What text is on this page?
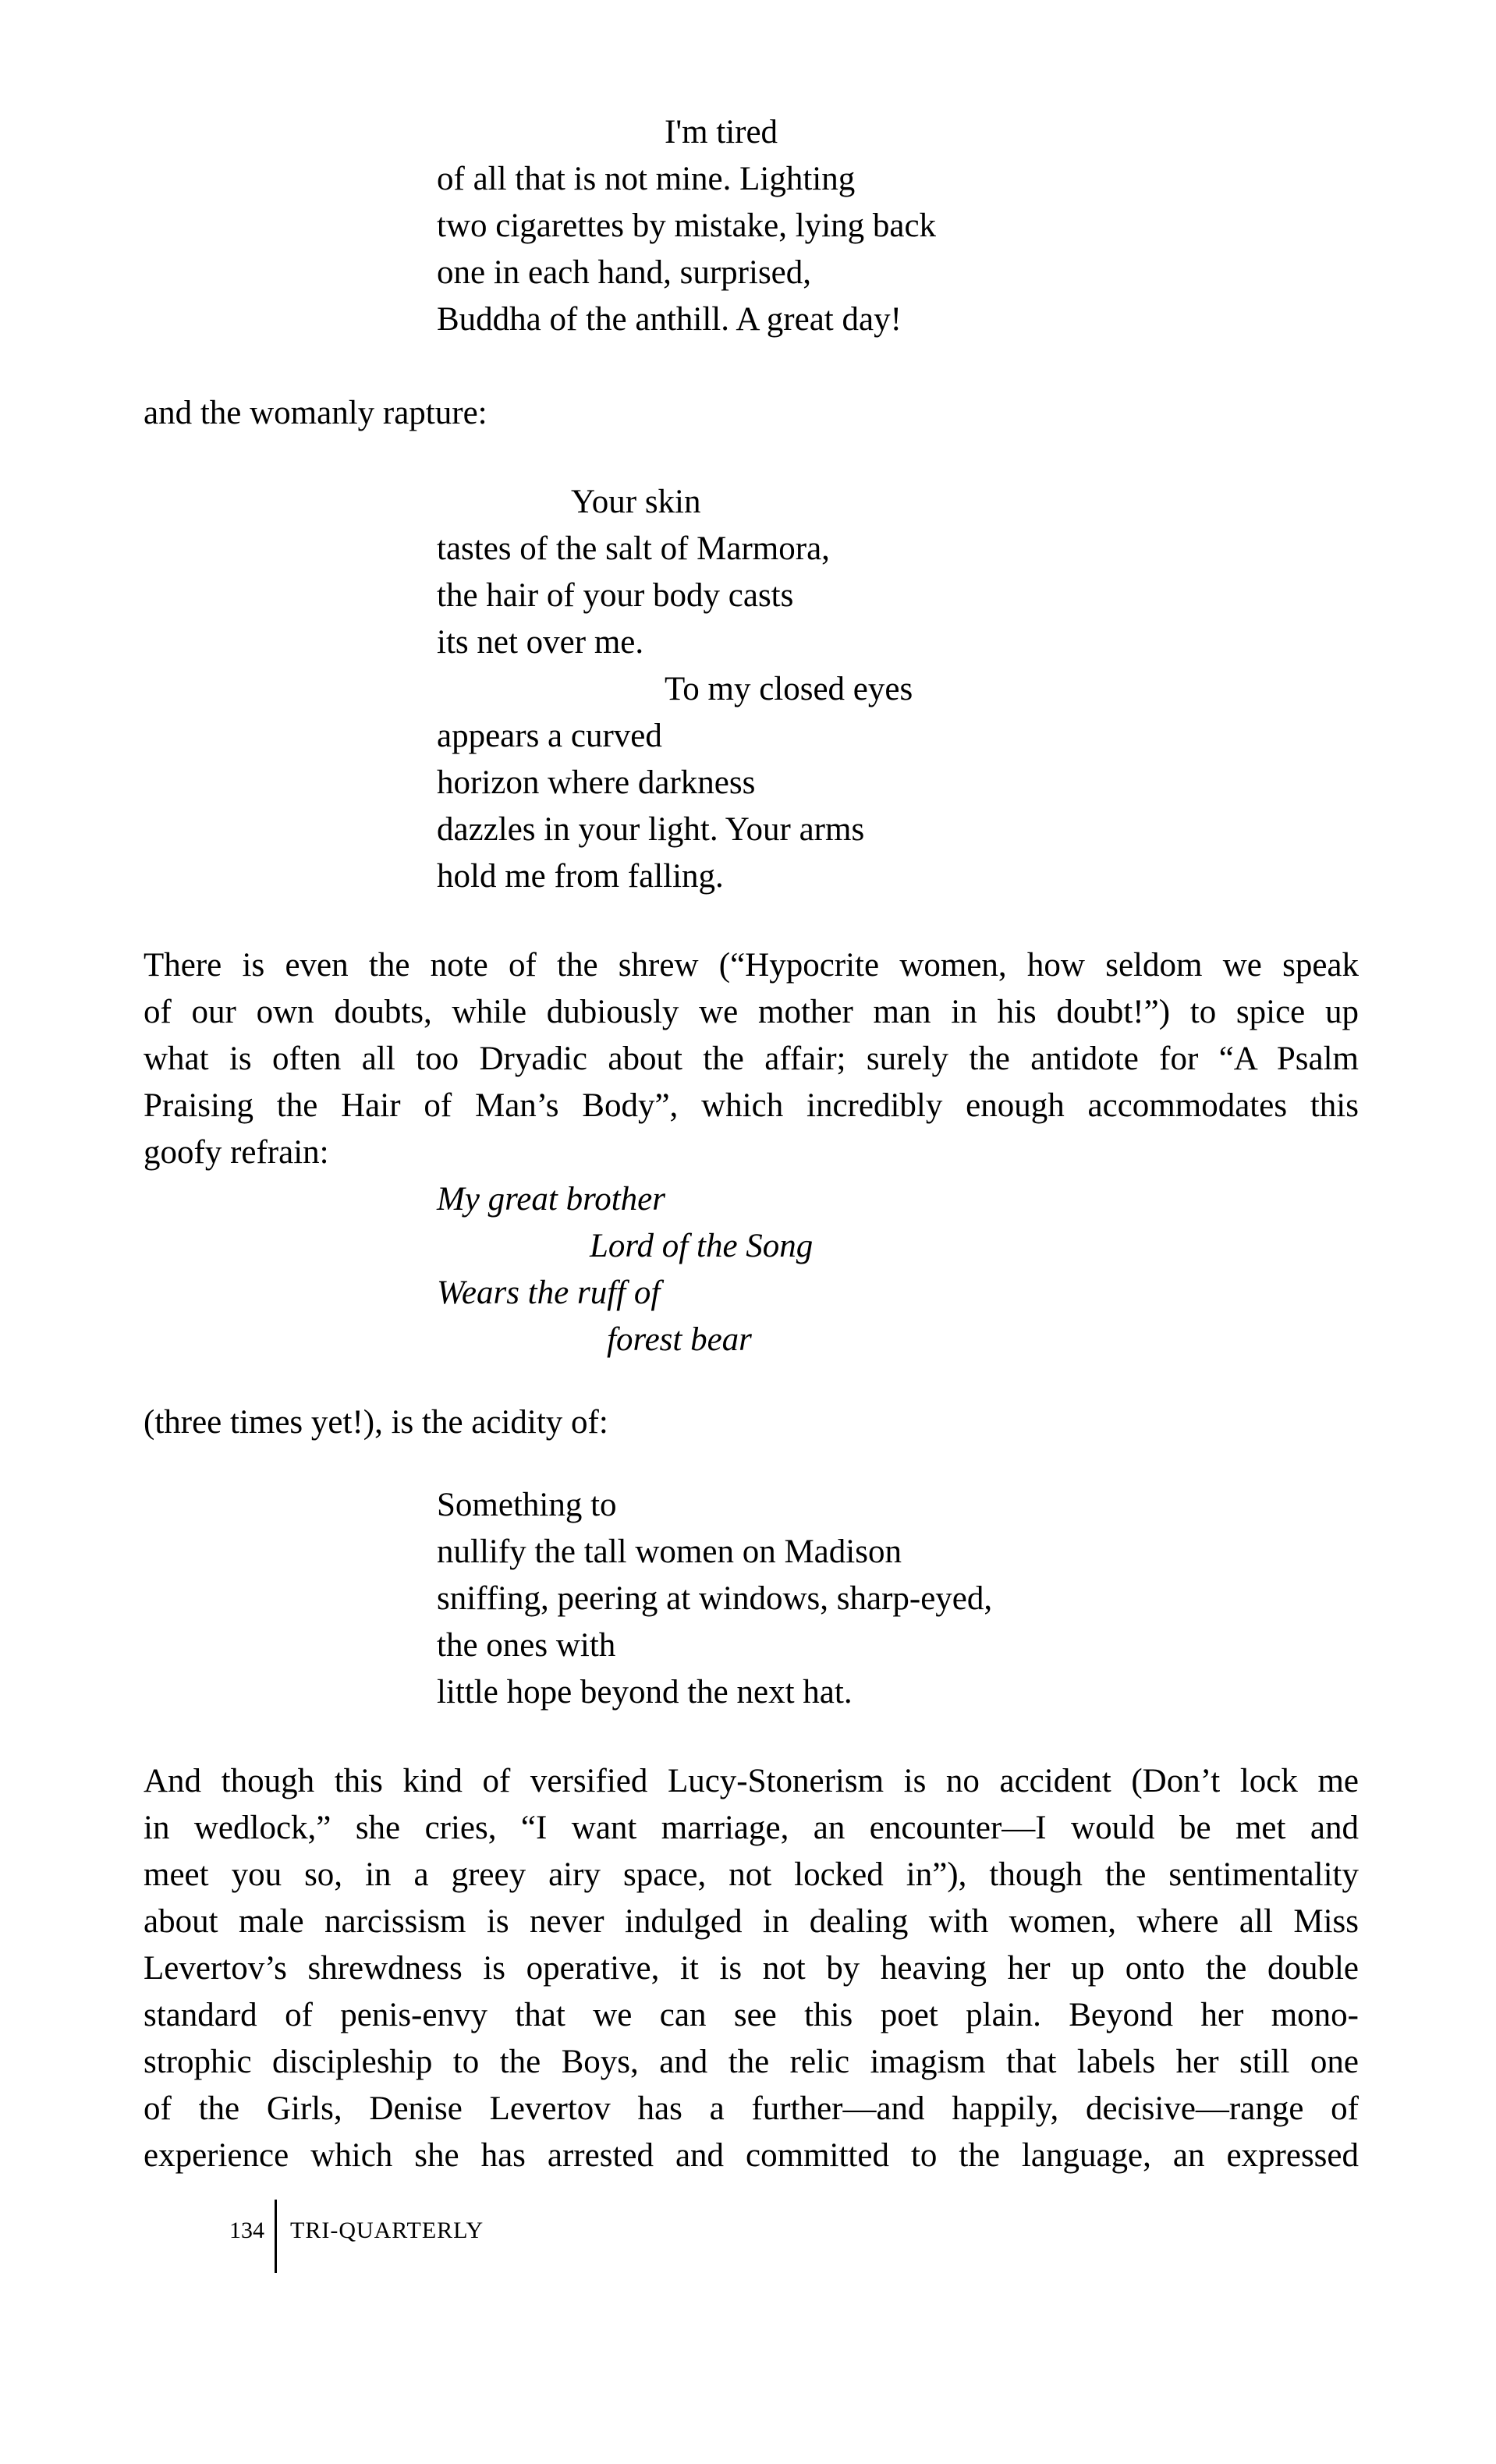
I'm tired
of all that is not mine. Lighting
two cigarettes by mistake, lying back
one in each hand, surprised,
Buddha of the anthill. A great day!
and the womanly rapture:
Your skin
tastes of the salt of Marmora,
the hair of your body casts
its net over me.
To my closed eyes
appears a curved
horizon where darkness
dazzles in your light. Your arms
hold me from falling.
There is even the note of the shrew (“Hypocrite women, how seldom we speak
of our own doubts, while dubiously we mother man in his doubt!”) to spice up
what is often all too Dryadic about the affair; surely the antidote for “A Psalm
Praising the Hair of Man’s Body”, which incredibly enough accommodates this
goofy refrain:
My great brother
Lord of the Song
Wears the ruff of
forest bear
(three times yet!), is the acidity of:
Something to
nullify the tall women on Madison
sniffing, peering at windows, sharp-eyed,
the ones with
little hope beyond the next hat.
And though this kind of versified Lucy-Stonerism is no accident (Don’t lock me
in wedlock,” she cries, “I want marriage, an encounter—I would be met and
meet you so, in a greey airy space, not locked in”), though the sentimentality
about male narcissism is never indulged in dealing with women, where all Miss
Levertov’s shrewdness is operative, it is not by heaving her up onto the double
standard of penis-envy that we can see this poet plain. Beyond her mono-
strophic discipleship to the Boys, and the relic imagism that labels her still one
of the Girls, Denise Levertov has a further—and happily, decisive—range of
experience which she has arrested and committed to the language, an expressed
134 TRI-QUARTERLY
